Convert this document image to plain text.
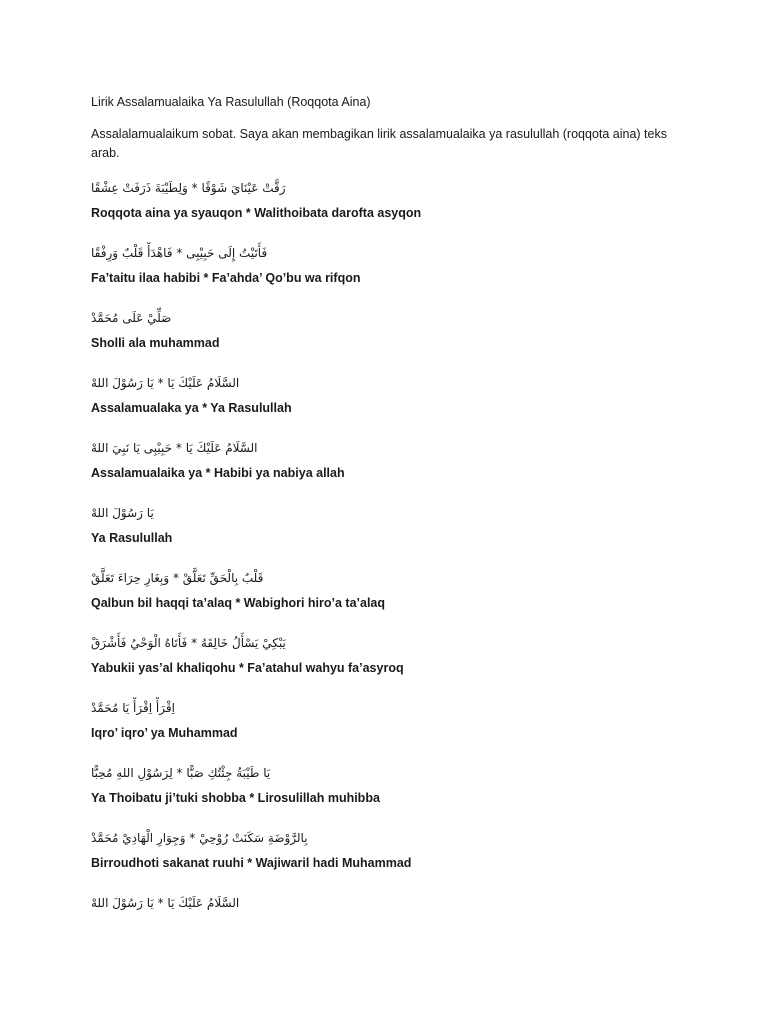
Lirik Assalamualaika Ya Rasulullah (Roqqota Aina)

Assalalamualaikum sobat. Saya akan membagikan lirik assalamualaika ya rasulullah (roqqota aina) teks arab.

رَقَّتْ عَيْنَايَ شَوْقًا * وَلِطَيْبَةَ ذَرَفَتْ عِشْقًا

Roqqota aina ya syauqon * Walithoibata darofta asyqon

فَأَتَيْتُ إِلَى حَبِيْبِى * فَاهْدَأْ قَلْبٌ وَرِفْقًا

Fa’taitu ilaa habibi * Fa’ahda’ Qo’bu wa rifqon

صَلِّيْ عَلَى مُحَمَّدْ

Sholli ala muhammad

السَّلَامُ عَلَيْكَ يَا * يَا رَسُوْلَ اللهْ

Assalamualaka ya * Ya Rasulullah

السَّلَامُ عَلَيْكَ يَا * حَبِيْبِى يَا نَبِيَ اللهْ

Assalamualaika ya * Habibi ya nabiya allah

يَا رَسُوْلَ اللهْ

Ya Rasulullah

قَلْبٌ بِالْحَقِّ تَعَلَّقْ * وَبِغَارِ حِرَاءَ تَعَلَّقْ

Qalbun bil haqqi ta’alaq * Wabighori hiro’a ta’alaq

يَبْكِيْ يَسْأَلُ خَالِقَهُ * فَأَتَاهُ الْوَحْيُ فَأَشْرَقْ

Yabukii yas’al khaliqohu * Fa’atahul wahyu fa’asyroq

اِقْرَأْ اِقْرَأْ يَا مُحَمَّدْ

Iqro’ iqro’ ya Muhammad

يَا طَيْبَةُ جِئْتُكِ صَبًّا * لِرَسُوْلِ اللهِ مُحِبًّا

Ya Thoibatu ji’tuki shobba * Lirosulillah muhibba

بِالرَّوْضَةِ سَكَنَتْ رُوْحِيْ * وَجِوَارِ الْهَادِيْ مُحَمَّدْ

Birroudhoti sakanat ruuhi * Wajiwaril hadi Muhammad

السَّلَامُ عَلَيْكَ يَا * يَا رَسُوْلَ اللهْ
